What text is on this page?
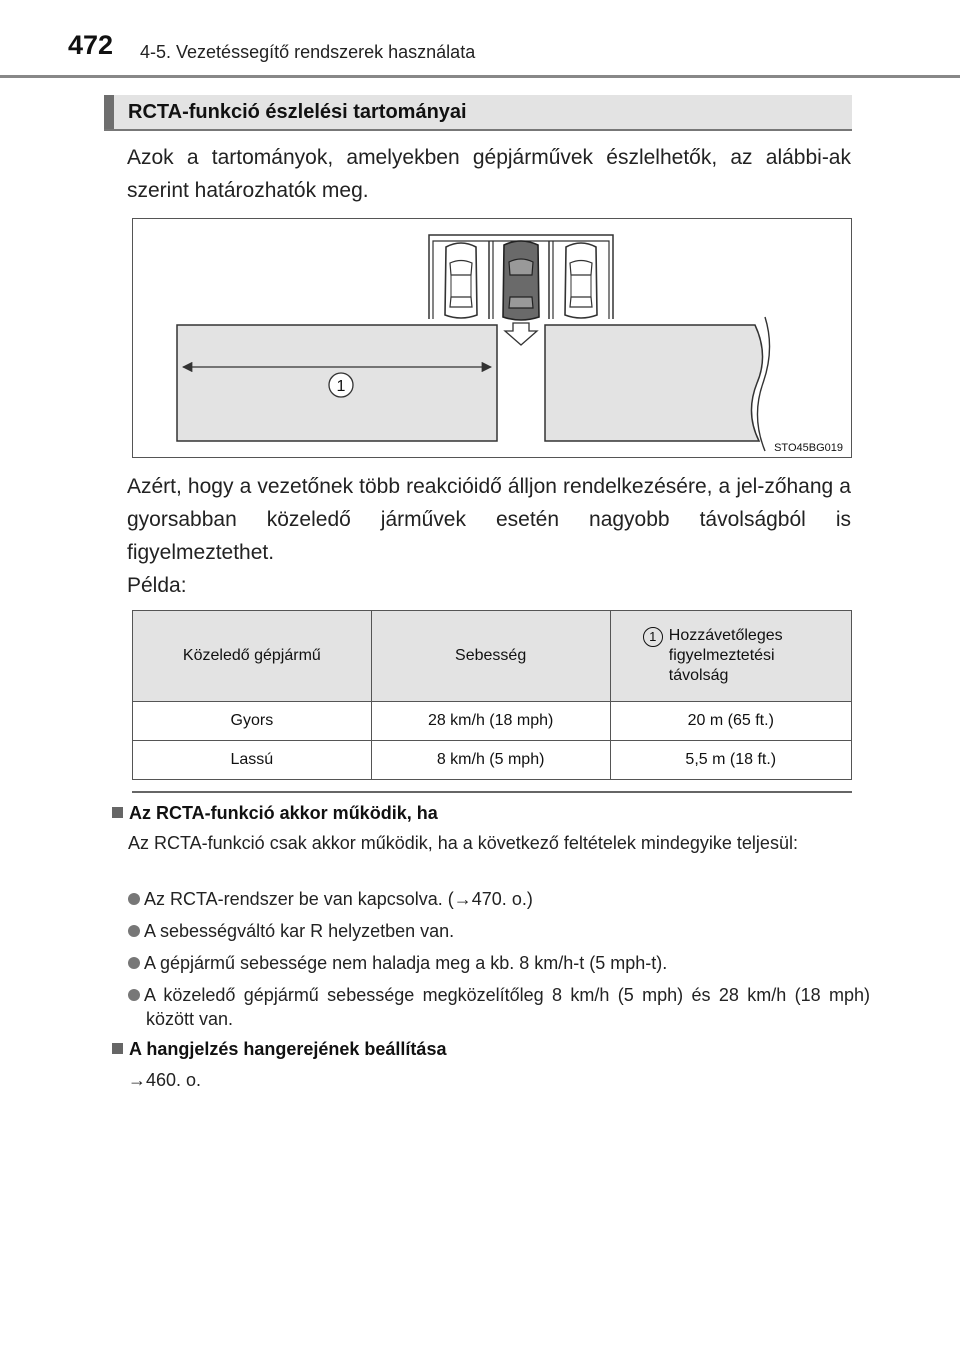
472 4-5. Vezetéssegítő rendszerek használata
RCTA-funkció észlelési tartományai
Azok a tartományok, amelyekben gépjárművek észlelhetők, az alábbi-ak szerint határozhatók meg.
1
STO45BG019
Azért, hogy a vezetőnek több reakcióidő álljon rendelkezésére, a jel-zőhang a gyorsabban közeledő járművek esetén nagyobb távolságból is figyelmeztethet.
Példa:
Közeledő gépjármű	Sebesség	1 Hozzávetőleges figyelmeztetési távolság

Gyors	28 km/h (18 mph)	20 m (65 ft.)
Lassú	8 km/h (5 mph)	5,5 m (18 ft.)
Az RCTA-funkció akkor működik, ha
Az RCTA-funkció csak akkor működik, ha a következő feltételek mindegyike teljesül:
Az RCTA-rendszer be van kapcsolva. (→470. o.)
A sebességváltó kar R helyzetben van.
A gépjármű sebessége nem haladja meg a kb. 8 km/h-t (5 mph-t).
A közeledő gépjármű sebessége megközelítőleg 8 km/h (5 mph) és 28 km/h (18 mph) között van.
A hangjelzés hangerejének beállítása
→460. o.
